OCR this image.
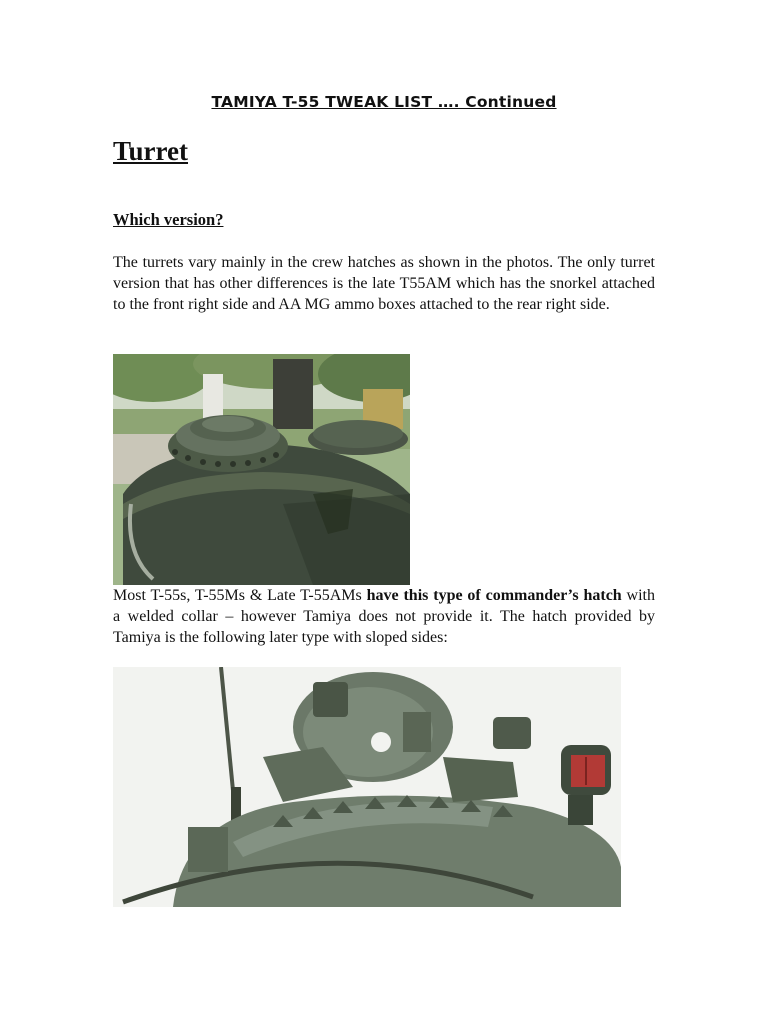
TAMIYA T-55 TWEAK LIST …. Continued
Turret
Which version?

The turrets vary mainly in the crew hatches as shown in the photos. The only turret version that has other differences is the late T55AM which has the snorkel attached to the front right side and AA MG ammo boxes attached to the rear right side.

Most T-55s, T-55Ms & Late T-55AMs have this type of commander’s hatch with a welded collar – however Tamiya does not provide it. The hatch provided by Tamiya is the following later type with sloped sides:
